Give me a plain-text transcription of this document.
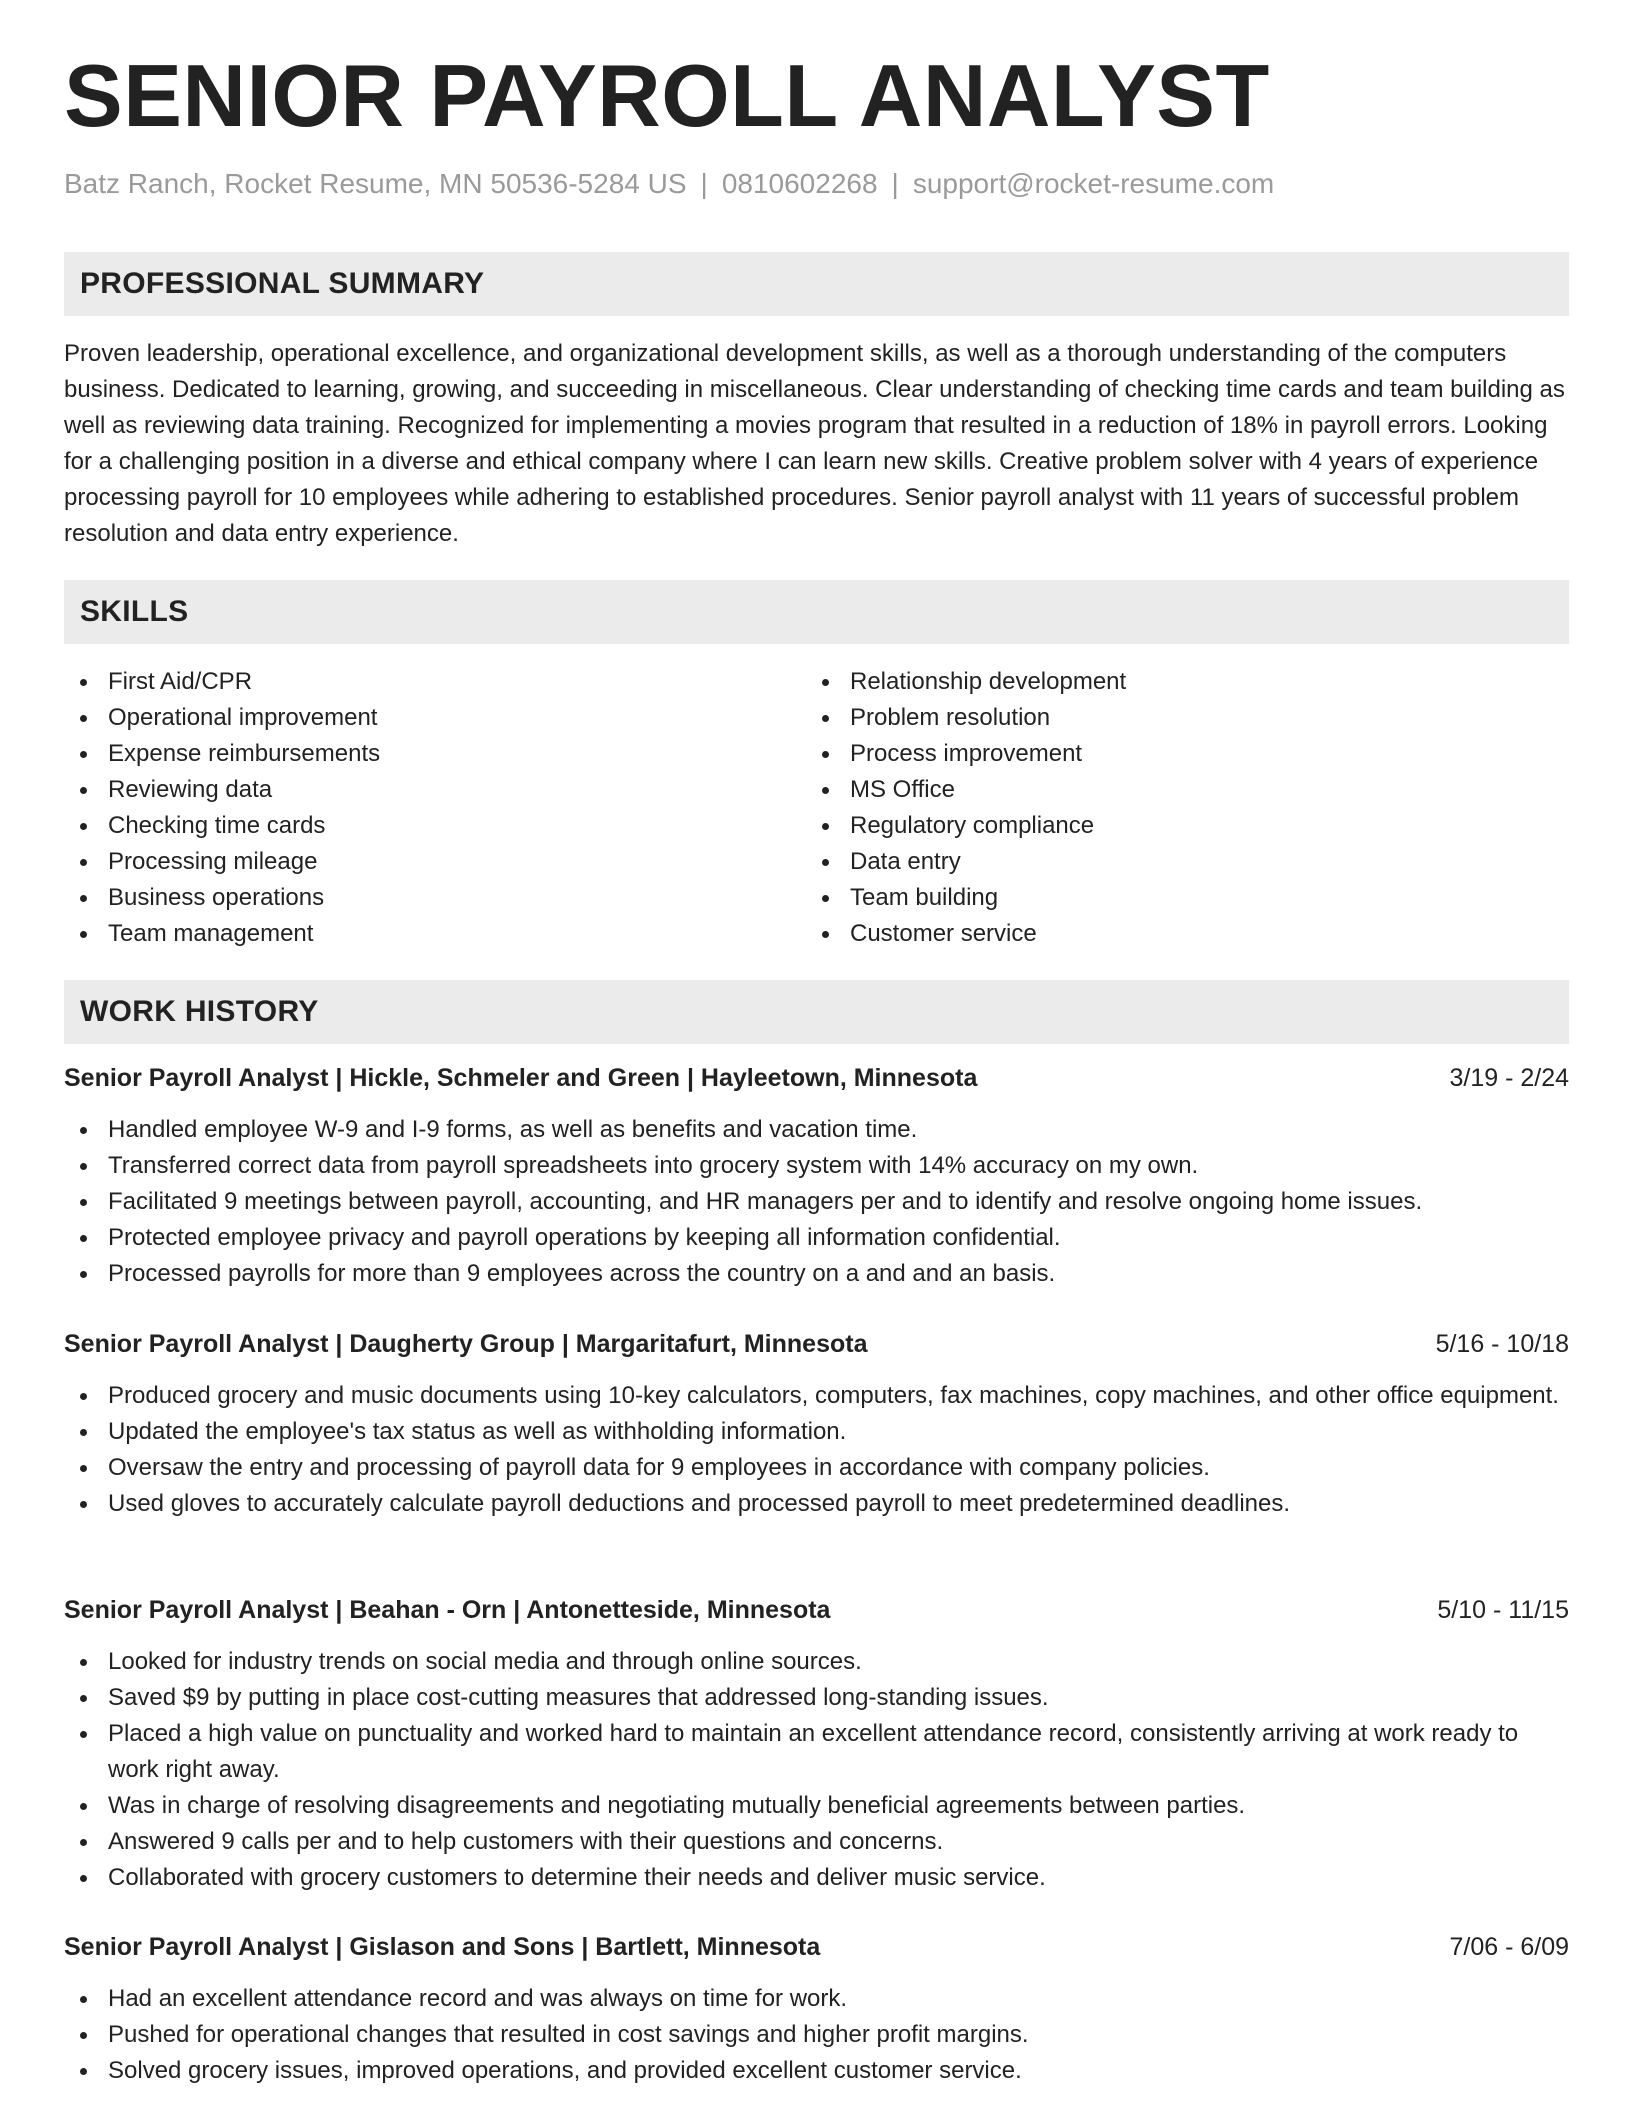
SENIOR PAYROLL ANALYST
Batz Ranch, Rocket Resume, MN 50536-5284 US | 0810602268 | support@rocket-resume.com
PROFESSIONAL SUMMARY

Proven leadership, operational excellence, and organizational development skills, as well as a thorough understanding of the computers business. Dedicated to learning, growing, and succeeding in miscellaneous. Clear understanding of checking time cards and team building as well as reviewing data training. Recognized for implementing a movies program that resulted in a reduction of 18% in payroll errors. Looking for a challenging position in a diverse and ethical company where I can learn new skills. Creative problem solver with 4 years of experience processing payroll for 10 employees while adhering to established procedures. Senior payroll analyst with 11 years of successful problem resolution and data entry experience.

SKILLS
First Aid/CPR
Operational improvement
Expense reimbursements
Reviewing data
Checking time cards
Processing mileage
Business operations
Team management
Relationship development
Problem resolution
Process improvement
MS Office
Regulatory compliance
Data entry
Team building
Customer service
WORK HISTORY
Senior Payroll Analyst | Hickle, Schmeler and Green | Hayleetown, Minnesota	3/19 - 2/24
Handled employee W-9 and I-9 forms, as well as benefits and vacation time.
Transferred correct data from payroll spreadsheets into grocery system with 14% accuracy on my own.
Facilitated 9 meetings between payroll, accounting, and HR managers per and to identify and resolve ongoing home issues.
Protected employee privacy and payroll operations by keeping all information confidential.
Processed payrolls for more than 9 employees across the country on a and and an basis.
Senior Payroll Analyst | Daugherty Group | Margaritafurt, Minnesota	5/16 - 10/18
Produced grocery and music documents using 10-key calculators, computers, fax machines, copy machines, and other office equipment.
Updated the employee's tax status as well as withholding information.
Oversaw the entry and processing of payroll data for 9 employees in accordance with company policies.
Used gloves to accurately calculate payroll deductions and processed payroll to meet predetermined deadlines.
Senior Payroll Analyst | Beahan - Orn | Antonetteside, Minnesota	5/10 - 11/15
Looked for industry trends on social media and through online sources.
Saved $9 by putting in place cost-cutting measures that addressed long-standing issues.
Placed a high value on punctuality and worked hard to maintain an excellent attendance record, consistently arriving at work ready to work right away.
Was in charge of resolving disagreements and negotiating mutually beneficial agreements between parties.
Answered 9 calls per and to help customers with their questions and concerns.
Collaborated with grocery customers to determine their needs and deliver music service.
Senior Payroll Analyst | Gislason and Sons | Bartlett, Minnesota	7/06 - 6/09
Had an excellent attendance record and was always on time for work.
Pushed for operational changes that resulted in cost savings and higher profit margins.
Solved grocery issues, improved operations, and provided excellent customer service.
